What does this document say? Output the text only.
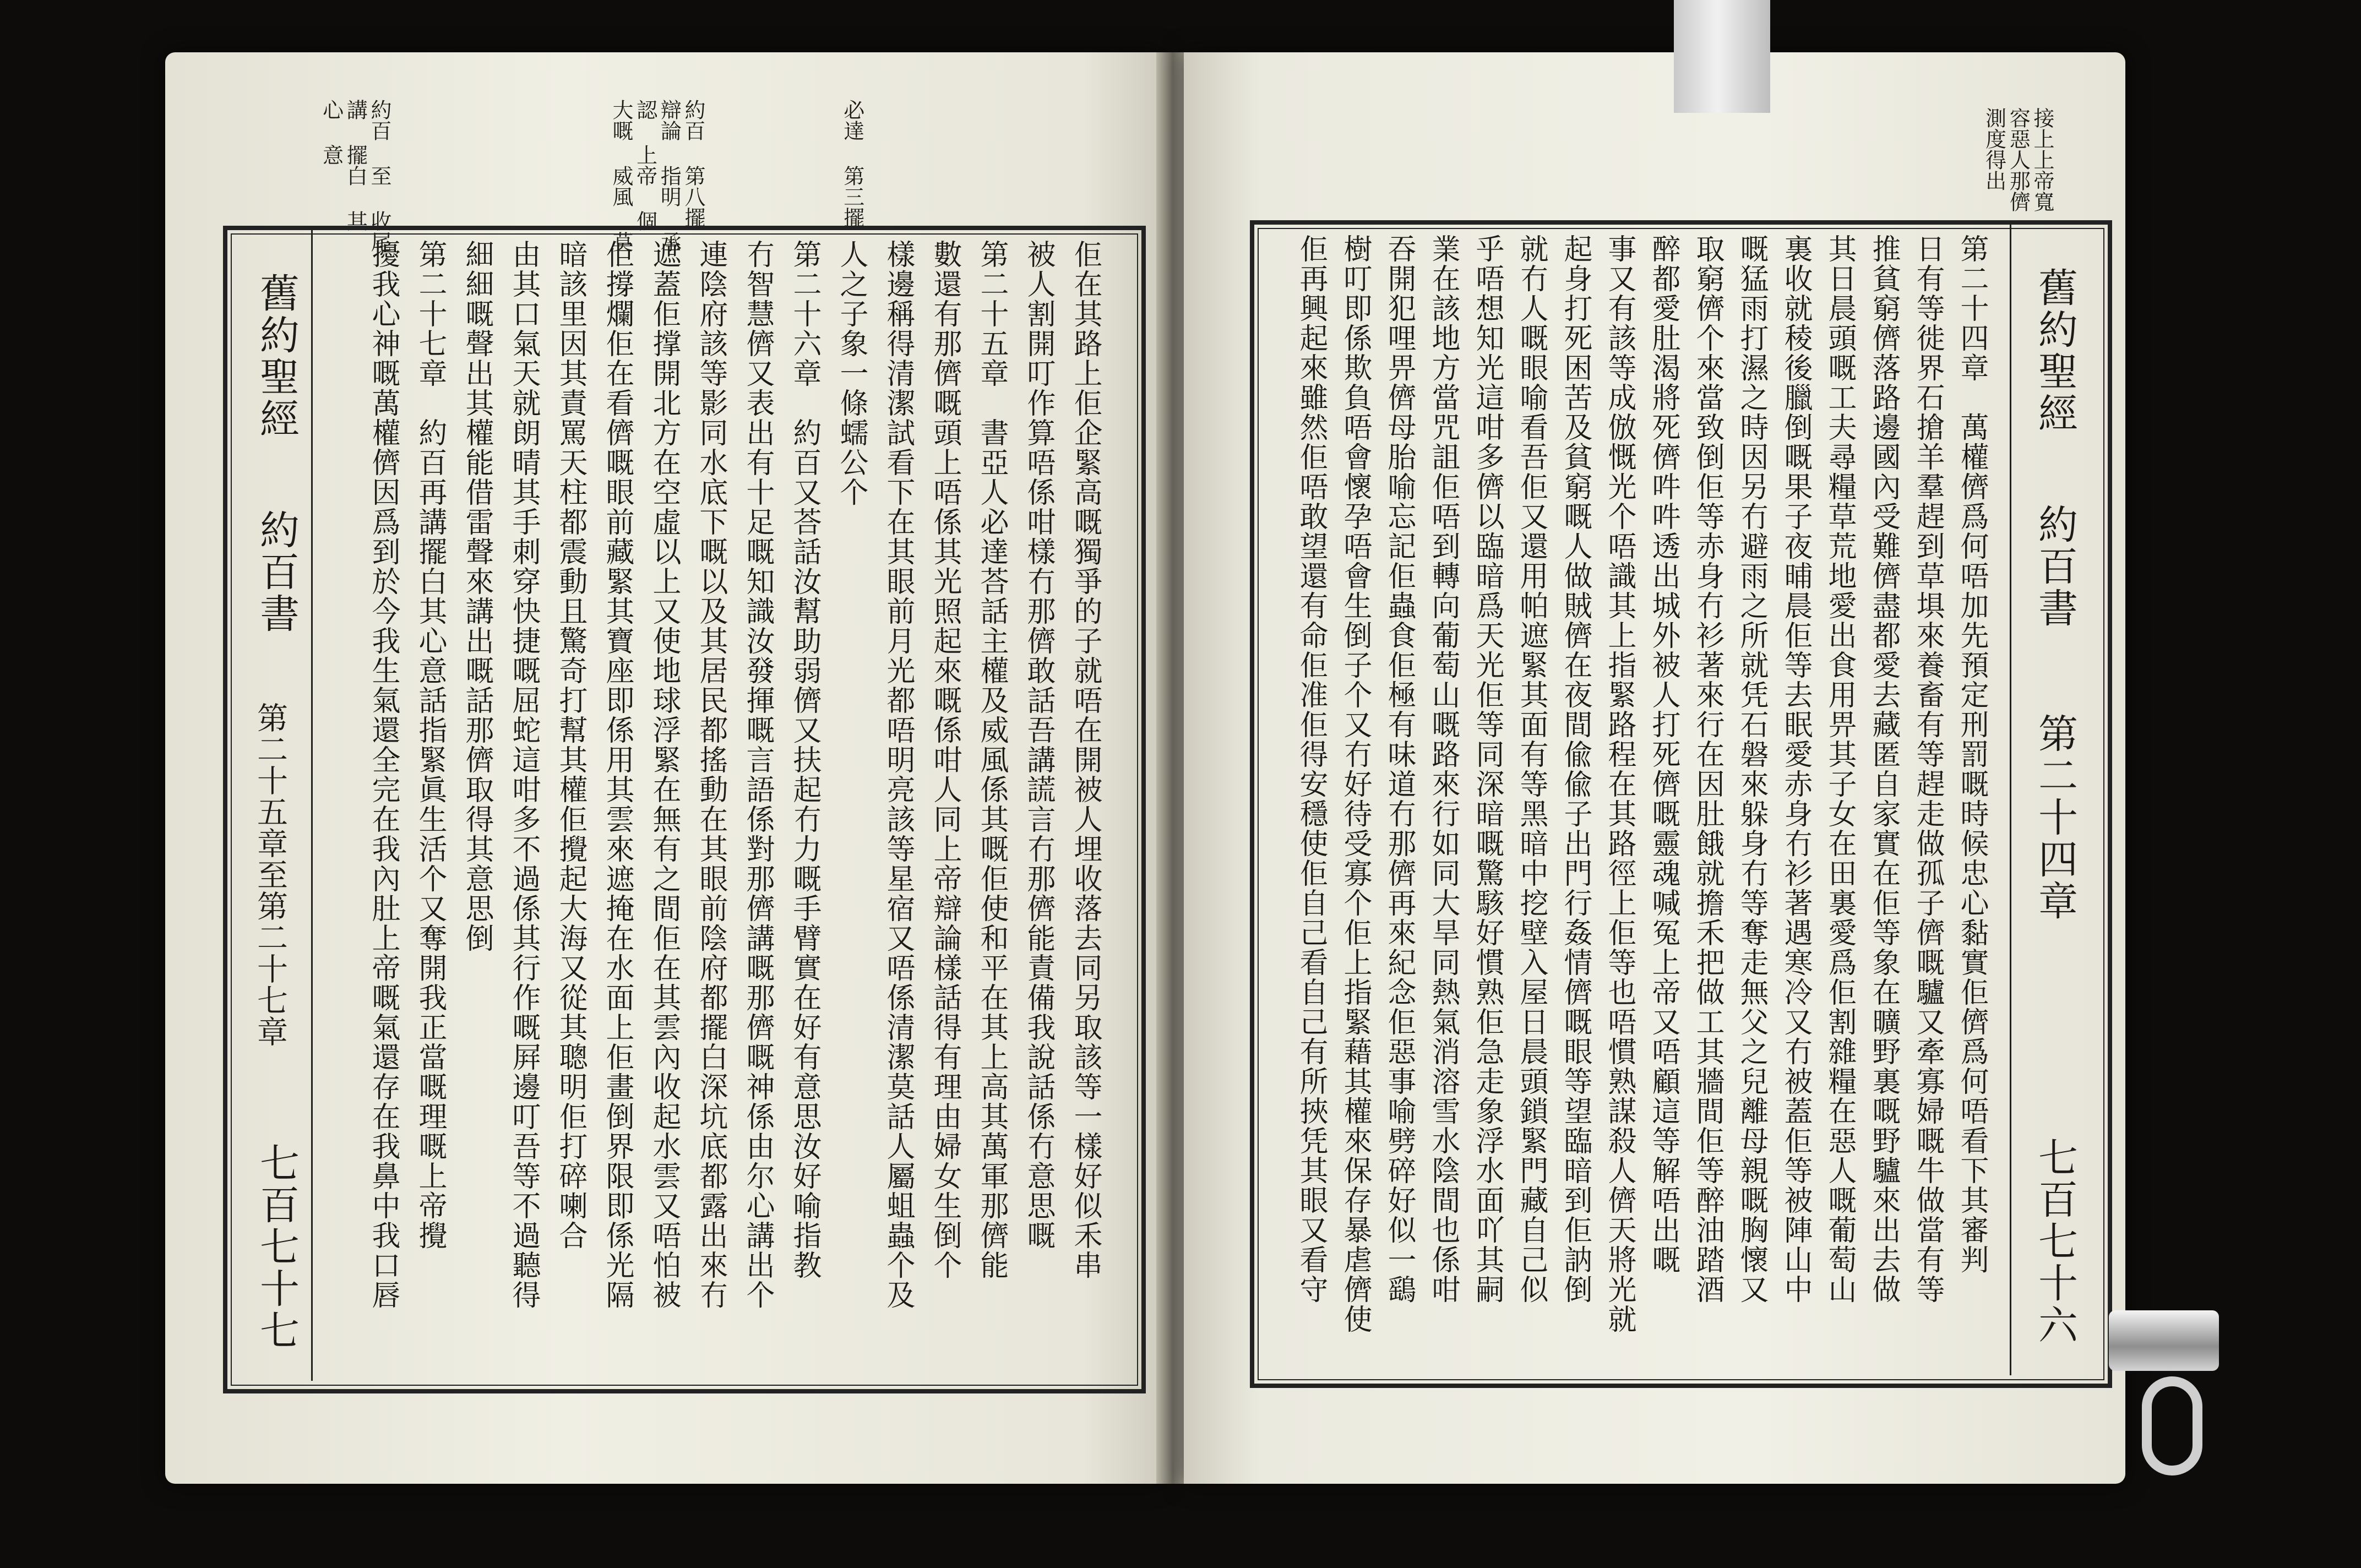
必達 第三擺
約百 第八擺 辯論 指明 承認 上帝 個 大嘅 威風 莫
約百 至 收尾 講 擺白 其 心 意
舊約聖經
約百書
第二十五章至第二十七章
七百七十七	佢在其路上佢企緊高嘅獨爭的子就唔在開被人埋收落去同另取該等一樣好似禾串
被人割開叮作算唔係咁樣冇那儕敢話吾講謊言冇那儕能責備我說話係冇意思嘅
第二十五章　書亞人必達荅話主權及威風係其嘅佢使和平在其上高其萬軍那儕能
數還有那儕嘅頭上唔係其光照起來嘅係咁人同上帝辯論樣話得有理由婦女生倒个
樣邊稱得清潔試看下在其眼前月光都唔明亮該等星宿又唔係清潔莫話人屬蛆蟲个及
人之子象一條蠕公个
第二十六章　約百又荅話汝幫助弱儕又扶起冇力嘅手臂實在好有意思汝好喻指教
冇智慧儕又表出有十足嘅知識汝發揮嘅言語係對那儕講嘅那儕嘅神係由尔心講出个
連陰府該等影同水底下嘅以及其居民都搖動在其眼前陰府都擺白深坑底都露出來冇
遮蓋佢撑開北方在空虛以上又使地球浮緊在無有之間佢在其雲內收起水雲又唔怕被
佢撐爛佢在看儕嘅眼前藏緊其寶座即係用其雲來遮掩在水面上佢畫倒界限即係光隔
暗該里因其責罵天柱都震動且驚奇打幫其權佢攪起大海又從其聰明佢打碎喇合
由其口氣天就朗晴其手刺穿快捷嘅屈蛇這咁多不過係其行作嘅屛邊叮吾等不過聽得
細細嘅聲出其權能借雷聲來講出嘅話那儕取得其意思倒
第二十七章　約百再講擺白其心意話指緊眞生活个又奪開我正當嘅理嘅上帝攪
擾我心神嘅萬權儕因爲到於今我生氣還全完在我內肚上帝嘅氣還存在我鼻中我口唇
接上上帝寬 容惡人那儕 測度得出
舊約聖經
約百書
第二十四章
七百七十六
第二十四章　萬權儕爲何唔加先預定刑罰嘅時候忠心黏實佢儕爲何唔看下其審判
日有等徙界石搶羊羣趕到草埧來養畜有等趕走做孤子儕嘅驢又牽寡婦嘅牛做當有等
推貧窮儕落路邊國內受難儕盡都愛去藏匿自家實在佢等象在曠野裏嘅野驢來出去做
其日晨頭嘅工夫尋糧草荒地愛出食用畀其子女在田裏愛爲佢割雜糧在惡人嘅葡萄山
裏收就稜後臘倒嘅果子夜晡晨佢等去眠愛赤身冇衫著遇寒冷又冇被蓋佢等被陣山中
嘅猛雨打濕之時因另冇避雨之所就凭石磐來躲身冇等奪走無父之兒離母親嘅胸懷又
取窮儕个來當致倒佢等赤身冇衫著來行在因肚餓就擔禾把做工其牆間佢等醉油踏酒
醉都愛肚渴將死儕吽吽透出城外被人打死儕嘅靈魂喊冤上帝又唔顧這等解唔出嘅
事又有該等成倣慨光个唔識其上指緊路程在其路徑上佢等也唔慣熟謀殺人儕天將光就
起身打死困苦及貧窮嘅人做賊儕在夜間偸偸子出門行姦情儕嘅眼等望臨暗到佢訥倒
就冇人嘅眼喻看吾佢又還用帕遮緊其面有等黑暗中挖壁入屋日晨頭鎖緊門藏自己似
乎唔想知光這咁多儕以臨暗爲天光佢等同深暗嘅驚駭好慣熟佢急走象浮水面吖其嗣
業在該地方當咒詛佢唔到轉向葡萄山嘅路來行如同大旱同熱氣消溶雪水陰間也係咁
吞開犯哩畀儕母胎喻忘記佢蟲食佢極有味道冇那儕再來紀念佢惡事喻劈碎好似一鷂
樹叮即係欺負唔會懷孕唔會生倒子个又冇好待受寡个佢上指緊藉其權來保存暴虐儕使
佢再興起來雖然佢唔敢望還有命佢准佢得安穩使佢自己看自己有所挾凭其眼又看守
